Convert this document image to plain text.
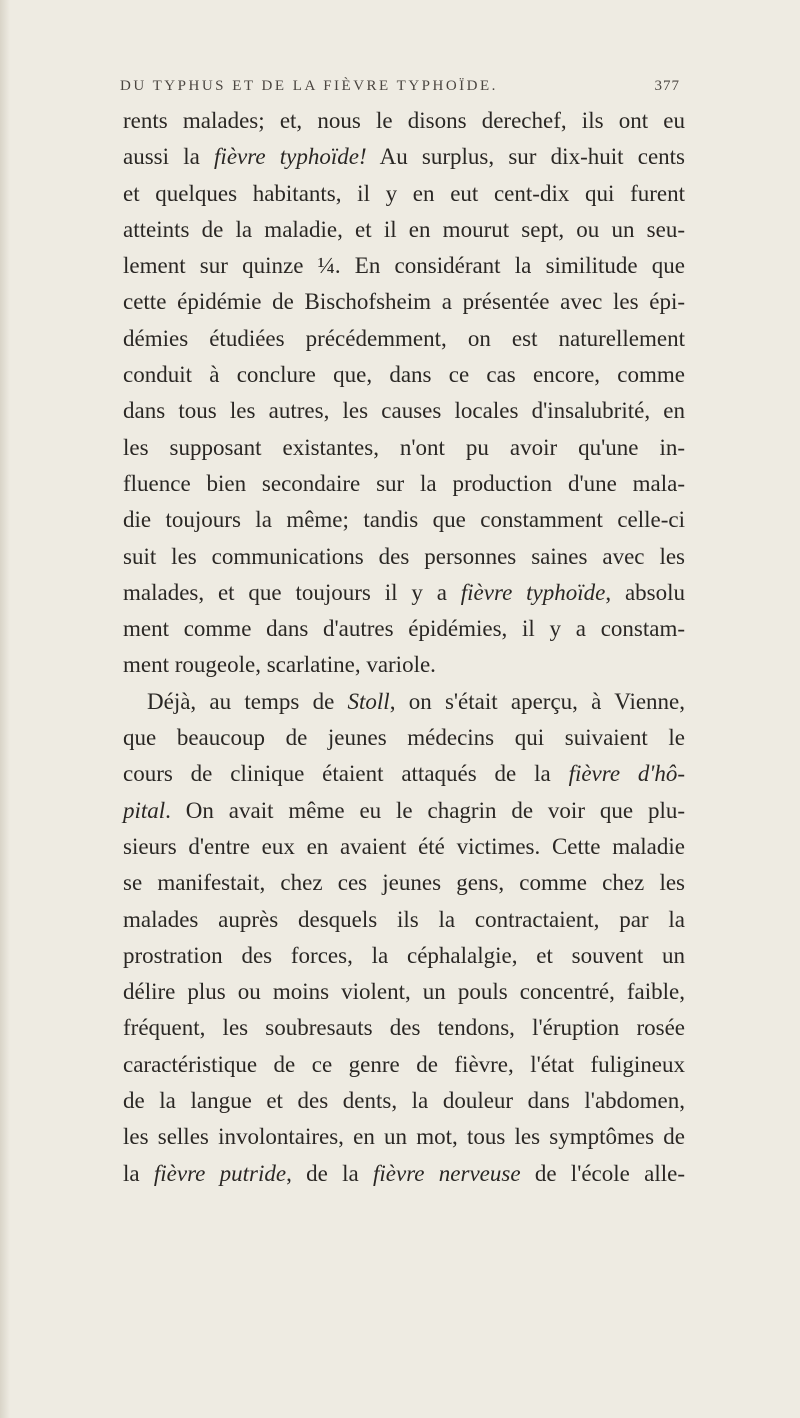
DU TYPHUS ET DE LA FIÈVRE TYPHOÏDE.	377
rents malades; et, nous le disons derechef, ils ont eu
aussi la fièvre typhoïde! Au surplus, sur dix-huit cents
et quelques habitants, il y en eut cent-dix qui furent
atteints de la maladie, et il en mourut sept, ou un seu-
lement sur quinze ¼. En considérant la similitude que
cette épidémie de Bischofsheim a présentée avec les épi-
démies étudiées précédemment, on est naturellement
conduit à conclure que, dans ce cas encore, comme
dans tous les autres, les causes locales d'insalubrité, en
les supposant existantes, n'ont pu avoir qu'une in-
fluence bien secondaire sur la production d'une mala-
die toujours la même; tandis que constamment celle-ci
suit les communications des personnes saines avec les
malades, et que toujours il y a fièvre typhoïde, absolu
ment comme dans d'autres épidémies, il y a constam-
ment rougeole, scarlatine, variole.
Déjà, au temps de Stoll, on s'était aperçu, à Vienne,
que beaucoup de jeunes médecins qui suivaient le
cours de clinique étaient attaqués de la fièvre d'hô-
pital. On avait même eu le chagrin de voir que plu-
sieurs d'entre eux en avaient été victimes. Cette maladie
se manifestait, chez ces jeunes gens, comme chez les
malades auprès desquels ils la contractaient, par la
prostration des forces, la céphalalgie, et souvent un
délire plus ou moins violent, un pouls concentré, faible,
fréquent, les soubresauts des tendons, l'éruption rosée
caractéristique de ce genre de fièvre, l'état fuligineux
de la langue et des dents, la douleur dans l'abdomen,
les selles involontaires, en un mot, tous les symptômes de
la fièvre putride, de la fièvre nerveuse de l'école alle-
